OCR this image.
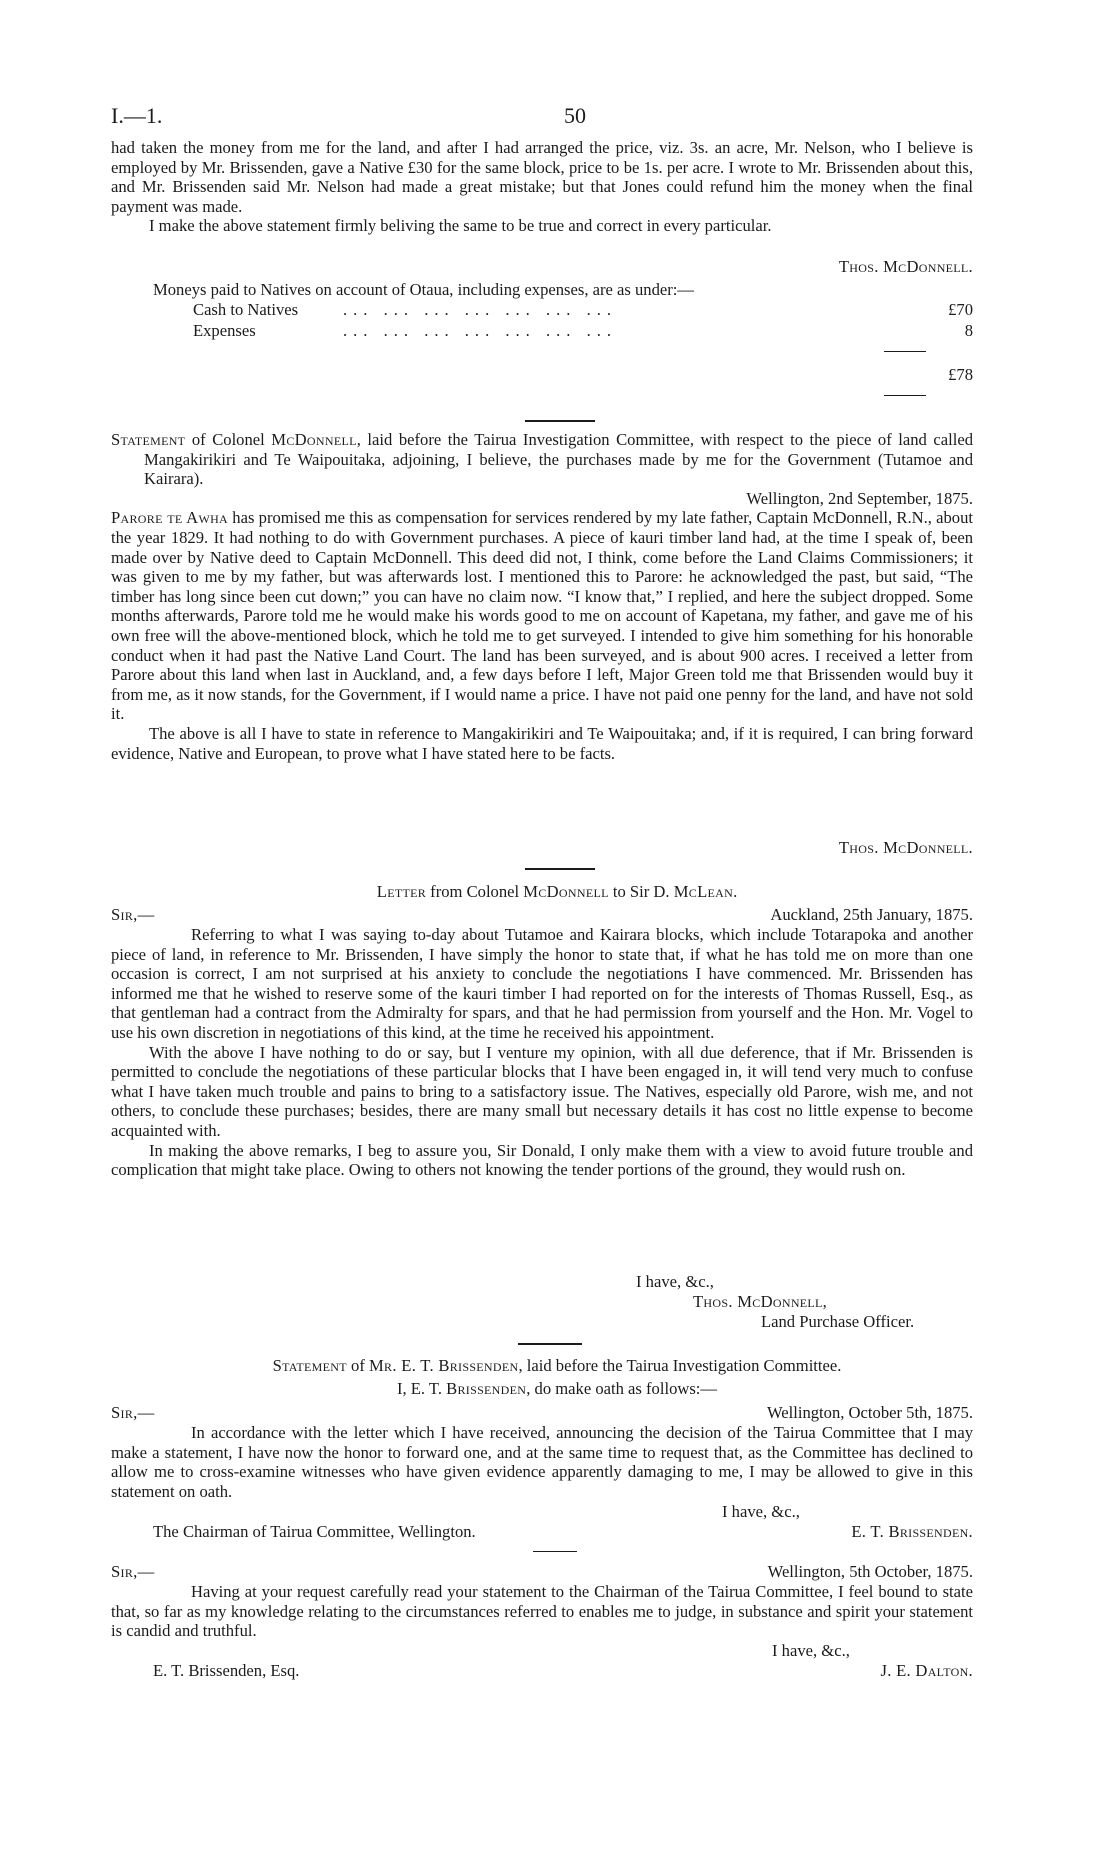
I.—1.	50

had taken the money from me for the land, and after I had arranged the price, viz. 3s. an acre, Mr. Nelson, who I believe is employed by Mr. Brissenden, gave a Native £30 for the same block, price to be 1s. per acre. I wrote to Mr. Brissenden about this, and Mr. Brissenden said Mr. Nelson had made a great mistake; but that Jones could refund him the money when the final payment was made.

I make the above statement firmly beliving the same to be true and correct in every particular.

Thos. McDonnell.
Moneys paid to Natives on account of Otaua, including expenses, are as under:—
Cash to Natives	... ... ... ... ... ... ...	£70
Expenses	... ... ... ... ... ... ...	8
£78

Statement of Colonel McDonnell, laid before the Tairua Investigation Committee, with respect to the piece of land called Mangakirikiri and Te Waipouitaka, adjoining, I believe, the purchases made by me for the Government (Tutamoe and Kairara).

Wellington, 2nd September, 1875.

Parore te Awha has promised me this as compensation for services rendered by my late father, Captain McDonnell, R.N., about the year 1829. It had nothing to do with Government purchases. A piece of kauri timber land had, at the time I speak of, been made over by Native deed to Captain McDonnell. This deed did not, I think, come before the Land Claims Commissioners; it was given to me by my father, but was afterwards lost. I mentioned this to Parore: he acknowledged the past, but said, “The timber has long since been cut down;” you can have no claim now. “I know that,” I replied, and here the subject dropped. Some months afterwards, Parore told me he would make his words good to me on account of Kapetana, my father, and gave me of his own free will the above-mentioned block, which he told me to get surveyed. I intended to give him something for his honorable conduct when it had past the Native Land Court. The land has been surveyed, and is about 900 acres. I received a letter from Parore about this land when last in Auckland, and, a few days before I left, Major Green told me that Brissenden would buy it from me, as it now stands, for the Government, if I would name a price. I have not paid one penny for the land, and have not sold it.

The above is all I have to state in reference to Mangakirikiri and Te Waipouitaka; and, if it is required, I can bring forward evidence, Native and European, to prove what I have stated here to be facts.

Thos. McDonnell.
Letter from Colonel McDonnell to Sir D. McLean.
Sir,—	Auckland, 25th January, 1875.

Referring to what I was saying to-day about Tutamoe and Kairara blocks, which include Totarapoka and another piece of land, in reference to Mr. Brissenden, I have simply the honor to state that, if what he has told me on more than one occasion is correct, I am not surprised at his anxiety to conclude the negotiations I have commenced. Mr. Brissenden has informed me that he wished to reserve some of the kauri timber I had reported on for the interests of Thomas Russell, Esq., as that gentleman had a contract from the Admiralty for spars, and that he had permission from yourself and the Hon. Mr. Vogel to use his own discretion in negotiations of this kind, at the time he received his appointment.

With the above I have nothing to do or say, but I venture my opinion, with all due deference, that if Mr. Brissenden is permitted to conclude the negotiations of these particular blocks that I have been engaged in, it will tend very much to confuse what I have taken much trouble and pains to bring to a satisfactory issue. The Natives, especially old Parore, wish me, and not others, to conclude these purchases; besides, there are many small but necessary details it has cost no little expense to become acquainted with.

In making the above remarks, I beg to assure you, Sir Donald, I only make them with a view to avoid future trouble and complication that might take place. Owing to others not knowing the tender portions of the ground, they would rush on.

I have, &c.,
Thos. McDonnell,
Land Purchase Officer.
Statement of Mr. E. T. Brissenden, laid before the Tairua Investigation Committee.
I, E. T. Brissenden, do make oath as follows:—
Sir,—	Wellington, October 5th, 1875.

In accordance with the letter which I have received, announcing the decision of the Tairua Committee that I may make a statement, I have now the honor to forward one, and at the same time to request that, as the Committee has declined to allow me to cross-examine witnesses who have given evidence apparently damaging to me, I may be allowed to give in this statement on oath.

I have, &c.,
The Chairman of Tairua Committee, Wellington.	E. T. Brissenden.
Sir,—	Wellington, 5th October, 1875.

Having at your request carefully read your statement to the Chairman of the Tairua Committee, I feel bound to state that, so far as my knowledge relating to the circumstances referred to enables me to judge, in substance and spirit your statement is candid and truthful.

I have, &c.,
E. T. Brissenden, Esq.	J. E. Dalton.
